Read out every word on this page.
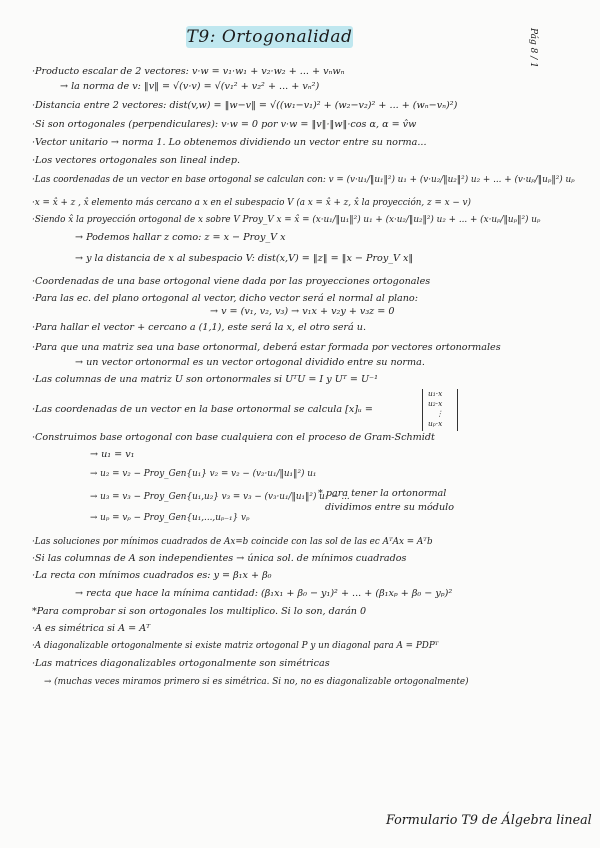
T9: Ortogonalidad	Pág 8 / 1
·Producto escalar de 2 vectores: v·w = v₁·w₁ + v₂·w₂ + ... + vₙwₙ
→ la norma de v: ‖v‖ = √(v·v) = √(v₁² + v₂² + ... + vₙ²)
·Distancia entre 2 vectores: dist(v,w) = ‖w−v‖ = √((w₁−v₁)² + (w₂−v₂)² + ... + (wₙ−vₙ)²)
·Si son ortogonales (perpendiculares): v·w = 0 por v·w = ‖v‖·‖w‖·cos α, α = v̂w
·Vector unitario → norma 1. Lo obtenemos dividiendo un vector entre su norma...
·Los vectores ortogonales son lineal indep.
·Las coordenadas de un vector en base ortogonal se calculan con: v = (v·u₁/‖u₁‖²) u₁ + (v·u₂/‖u₂‖²) u₂ + ... + (v·uₚ/‖uₚ‖²) uₚ
·x = x̂ + z , x̂ elemento más cercano a x en el subespacio V (a x = x̂ + z, x̂ la proyección, z = x − v)
·Siendo x̂ la proyección ortogonal de x sobre V Proy_V x = x̂ = (x·u₁/‖u₁‖²) u₁ + (x·u₂/‖u₂‖²) u₂ + ... + (x·uₚ/‖uₚ‖²) uₚ
→ Podemos hallar z como: z = x − Proy_V x
→ y la distancia de x al subespacio V: dist(x,V) = ‖z‖ = ‖x − Proy_V x‖
·Coordenadas de una base ortogonal viene dada por las proyecciones ortogonales
·Para las ec. del plano ortogonal al vector, dicho vector será el normal al plano:
→ v = (v₁, v₂, v₃) → v₁x + v₂y + v₃z = 0
·Para hallar el vector + cercano a (1,1), este será la x, el otro será u.
·Para que una matriz sea una base ortonormal, deberá estar formada por vectores ortonormales
→ un vector ortonormal es un vector ortogonal dividido entre su norma.
·Las columnas de una matriz U son ortonormales si UᵀU = I y Uᵀ = U⁻¹
·Las coordenadas de un vector en la base ortonormal se calcula [x]ᵤ =
u₁·x
u₂·x
⋮
uₚ·x
·Construimos base ortogonal con base cualquiera con el proceso de Gram-Schmidt
→ u₁ = v₁
→ u₂ = v₂ − Proy_Gen{u₁} v₂ = v₂ − (v₂·u₁/‖u₁‖²) u₁
→ u₃ = v₃ − Proy_Gen{u₁,u₂} v₃ = v₃ − (v₃·u₁/‖u₁‖²) u₁ − ...
→ uₚ = vₚ − Proy_Gen{u₁,...,uₚ₋₁} vₚ
* para tener la ortonormal
dividimos entre su módulo
·Las soluciones por mínimos cuadrados de Ax=b coincide con las sol de las ec AᵀAx = Aᵀb
·Si las columnas de A son independientes → única sol. de mínimos cuadrados
·La recta con mínimos cuadrados es: y = β₁x + β₀
→ recta que hace la mínima cantidad: (β₁x₁ + β₀ − y₁)² + ... + (β₁xₚ + β₀ − yₚ)²
*Para comprobar si son ortogonales los multiplico. Si lo son, darán 0
·A es simétrica si A = Aᵀ
·A diagonalizable ortogonalmente si existe matriz ortogonal P y un diagonal para A = PDPᵀ
·Las matrices diagonalizables ortogonalmente son simétricas
→ (muchas veces miramos primero si es simétrica. Si no, no es diagonalizable ortogonalmente)
Formulario T9 de Álgebra lineal
